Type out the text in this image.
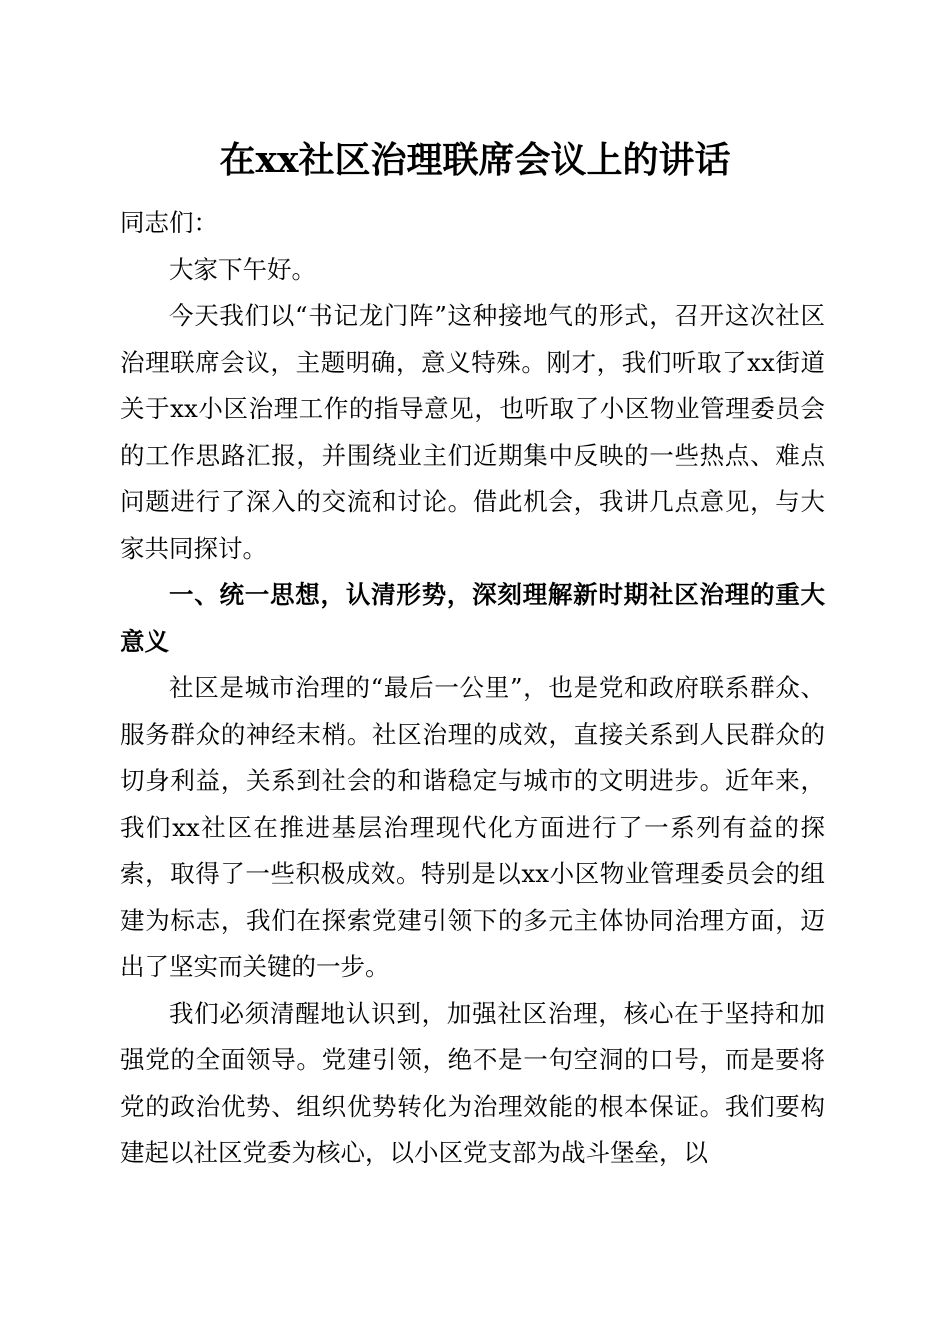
在xx社区治理联席会议上的讲话

同志们：

大家下午好。

今天我们以“书记龙门阵”这种接地气的形式，召开这次社区治理联席会议，主题明确，意义特殊。刚才，我们听取了xx街道关于xx小区治理工作的指导意见，也听取了小区物业管理委员会的工作思路汇报，并围绕业主们近期集中反映的一些热点、难点问题进行了深入的交流和讨论。借此机会，我讲几点意见，与大家共同探讨。

一、统一思想，认清形势，深刻理解新时期社区治理的重大意义

社区是城市治理的“最后一公里”，也是党和政府联系群众、服务群众的神经末梢。社区治理的成效，直接关系到人民群众的切身利益，关系到社会的和谐稳定与城市的文明进步。近年来，我们xx社区在推进基层治理现代化方面进行了一系列有益的探索，取得了一些积极成效。特别是以xx小区物业管理委员会的组建为标志，我们在探索党建引领下的多元主体协同治理方面，迈出了坚实而关键的一步。

我们必须清醒地认识到，加强社区治理，核心在于坚持和加强党的全面领导。党建引领，绝不是一句空洞的口号，而是要将党的政治优势、组织优势转化为治理效能的根本保证。我们要构建起以社区党委为核心，以小区党支部为战斗堡垒，以
